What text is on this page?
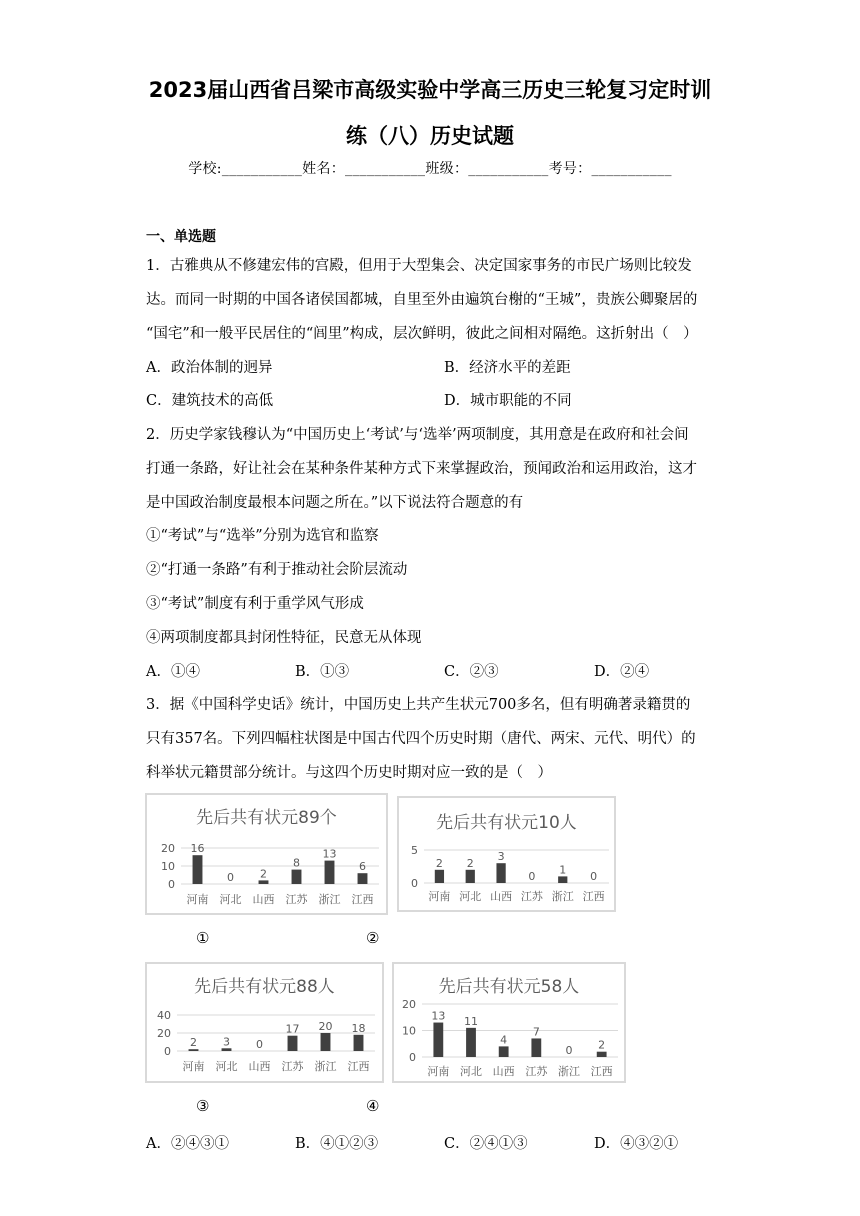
2023届山西省吕梁市高级实验中学高三历史三轮复习定时训
练（八）历史试题
学校:___________姓名：___________班级：___________考号：___________
一、单选题
1．古雅典从不修建宏伟的宫殿，但用于大型集会、决定国家事务的市民广场则比较发
达。而同一时期的中国各诸侯国都城，自里至外由遍筑台榭的“王城”，贵族公卿聚居的
“国宅”和一般平民居住的“闾里”构成，层次鲜明，彼此之间相对隔绝。这折射出（　）
A．政治体制的迥异	B．经济水平的差距
C．建筑技术的高低	D．城市职能的不同
2．历史学家钱穆认为“中国历史上‘考试’与‘选举’两项制度，其用意是在政府和社会间
打通一条路，好让社会在某种条件某种方式下来掌握政治，预闻政治和运用政治，这才
是中国政治制度最根本问题之所在。”以下说法符合题意的有
①“考试”与“选举”分别为选官和监察
②“打通一条路”有利于推动社会阶层流动
③“考试”制度有利于重学风气形成
④两项制度都具封闭性特征，民意无从体现
A．①④	B．①③	C．②③	D．②④
3．据《中国科学史话》统计，中国历史上共产生状元700多名，但有明确著录籍贯的
只有357名。下列四幅柱状图是中国古代四个历史时期（唐代、两宋、元代、明代）的
科举状元籍贯部分统计。与这四个历史时期对应一致的是（　）
先后共有状元89个
0
10
20 16
河南
0
河北
2
山西
8
江苏
13
浙江
6
江西
先后共有状元10人
0
5
2
河南
2
河北
3
山西
0
江苏
1
浙江
0
江西
先后共有状元88人
0
20
40
2
河南
3
河北
0
山西
17
江苏
20
浙江
18
江西
先后共有状元58人
0
10
20
13
河南
11
河北
4
山西
7
江苏
0
浙江
2
江西
①	②
③	④
A．②④③①	B．④①②③	C．②④①③	D．④③②①
